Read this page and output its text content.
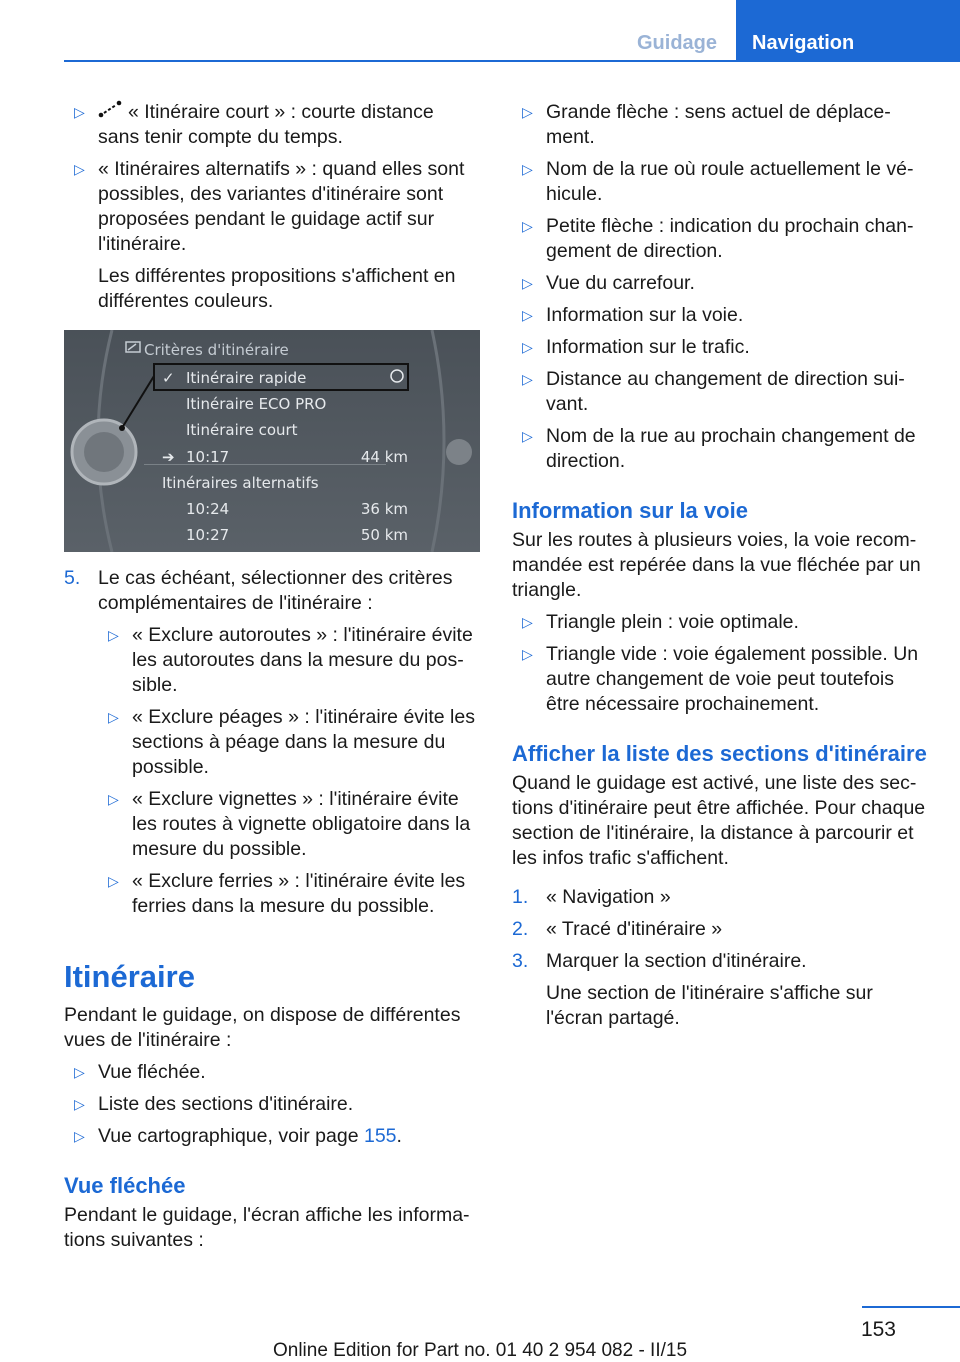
Guidage	Navigation
▷ « Itinéraire court » : courte distance sans tenir compte du temps.
▷ « Itinéraires alternatifs » : quand elles sont possibles, des variantes d'itinéraire sont proposées pendant le guidage actif sur l'itinéraire.
Les différentes propositions s'affichent en différentes couleurs.
Critères d'itinéraire
✓ Itinéraire rapide
Itinéraire ECO PRO
Itinéraire court
➔ 10:17	44 km
Itinéraires alternatifs
10:24	36 km
10:27	50 km
5. Le cas échéant, sélectionner des critères complémentaires de l'itinéraire :
▷ « Exclure autoroutes » : l'itinéraire évite les autoroutes dans la mesure du possible.
▷ « Exclure péages » : l'itinéraire évite les sections à péage dans la mesure du possible.
▷ « Exclure vignettes » : l'itinéraire évite les routes à vignette obligatoire dans la mesure du possible.
▷ « Exclure ferries » : l'itinéraire évite les ferries dans la mesure du possible.
Itinéraire
Pendant le guidage, on dispose de différentes vues de l'itinéraire :
▷ Vue fléchée.
▷ Liste des sections d'itinéraire.
▷ Vue cartographique, voir page 155.
Vue fléchée
Pendant le guidage, l'écran affiche les informations suivantes :
▷ Grande flèche : sens actuel de déplacement.
▷ Nom de la rue où roule actuellement le véhicule.
▷ Petite flèche : indication du prochain changement de direction.
▷ Vue du carrefour.
▷ Information sur la voie.
▷ Information sur le trafic.
▷ Distance au changement de direction suivant.
▷ Nom de la rue au prochain changement de direction.
Information sur la voie
Sur les routes à plusieurs voies, la voie recommandée est repérée dans la vue fléchée par un triangle.
▷ Triangle plein : voie optimale.
▷ Triangle vide : voie également possible. Un autre changement de voie peut toutefois être nécessaire prochainement.
Afficher la liste des sections d'itinéraire
Quand le guidage est activé, une liste des sections d'itinéraire peut être affichée. Pour chaque section de l'itinéraire, la distance à parcourir et les infos trafic s'affichent.
1. « Navigation »
2. « Tracé d'itinéraire »
3. Marquer la section d'itinéraire.
Une section de l'itinéraire s'affiche sur l'écran partagé.
153
Online Edition for Part no. 01 40 2 954 082 - II/15
